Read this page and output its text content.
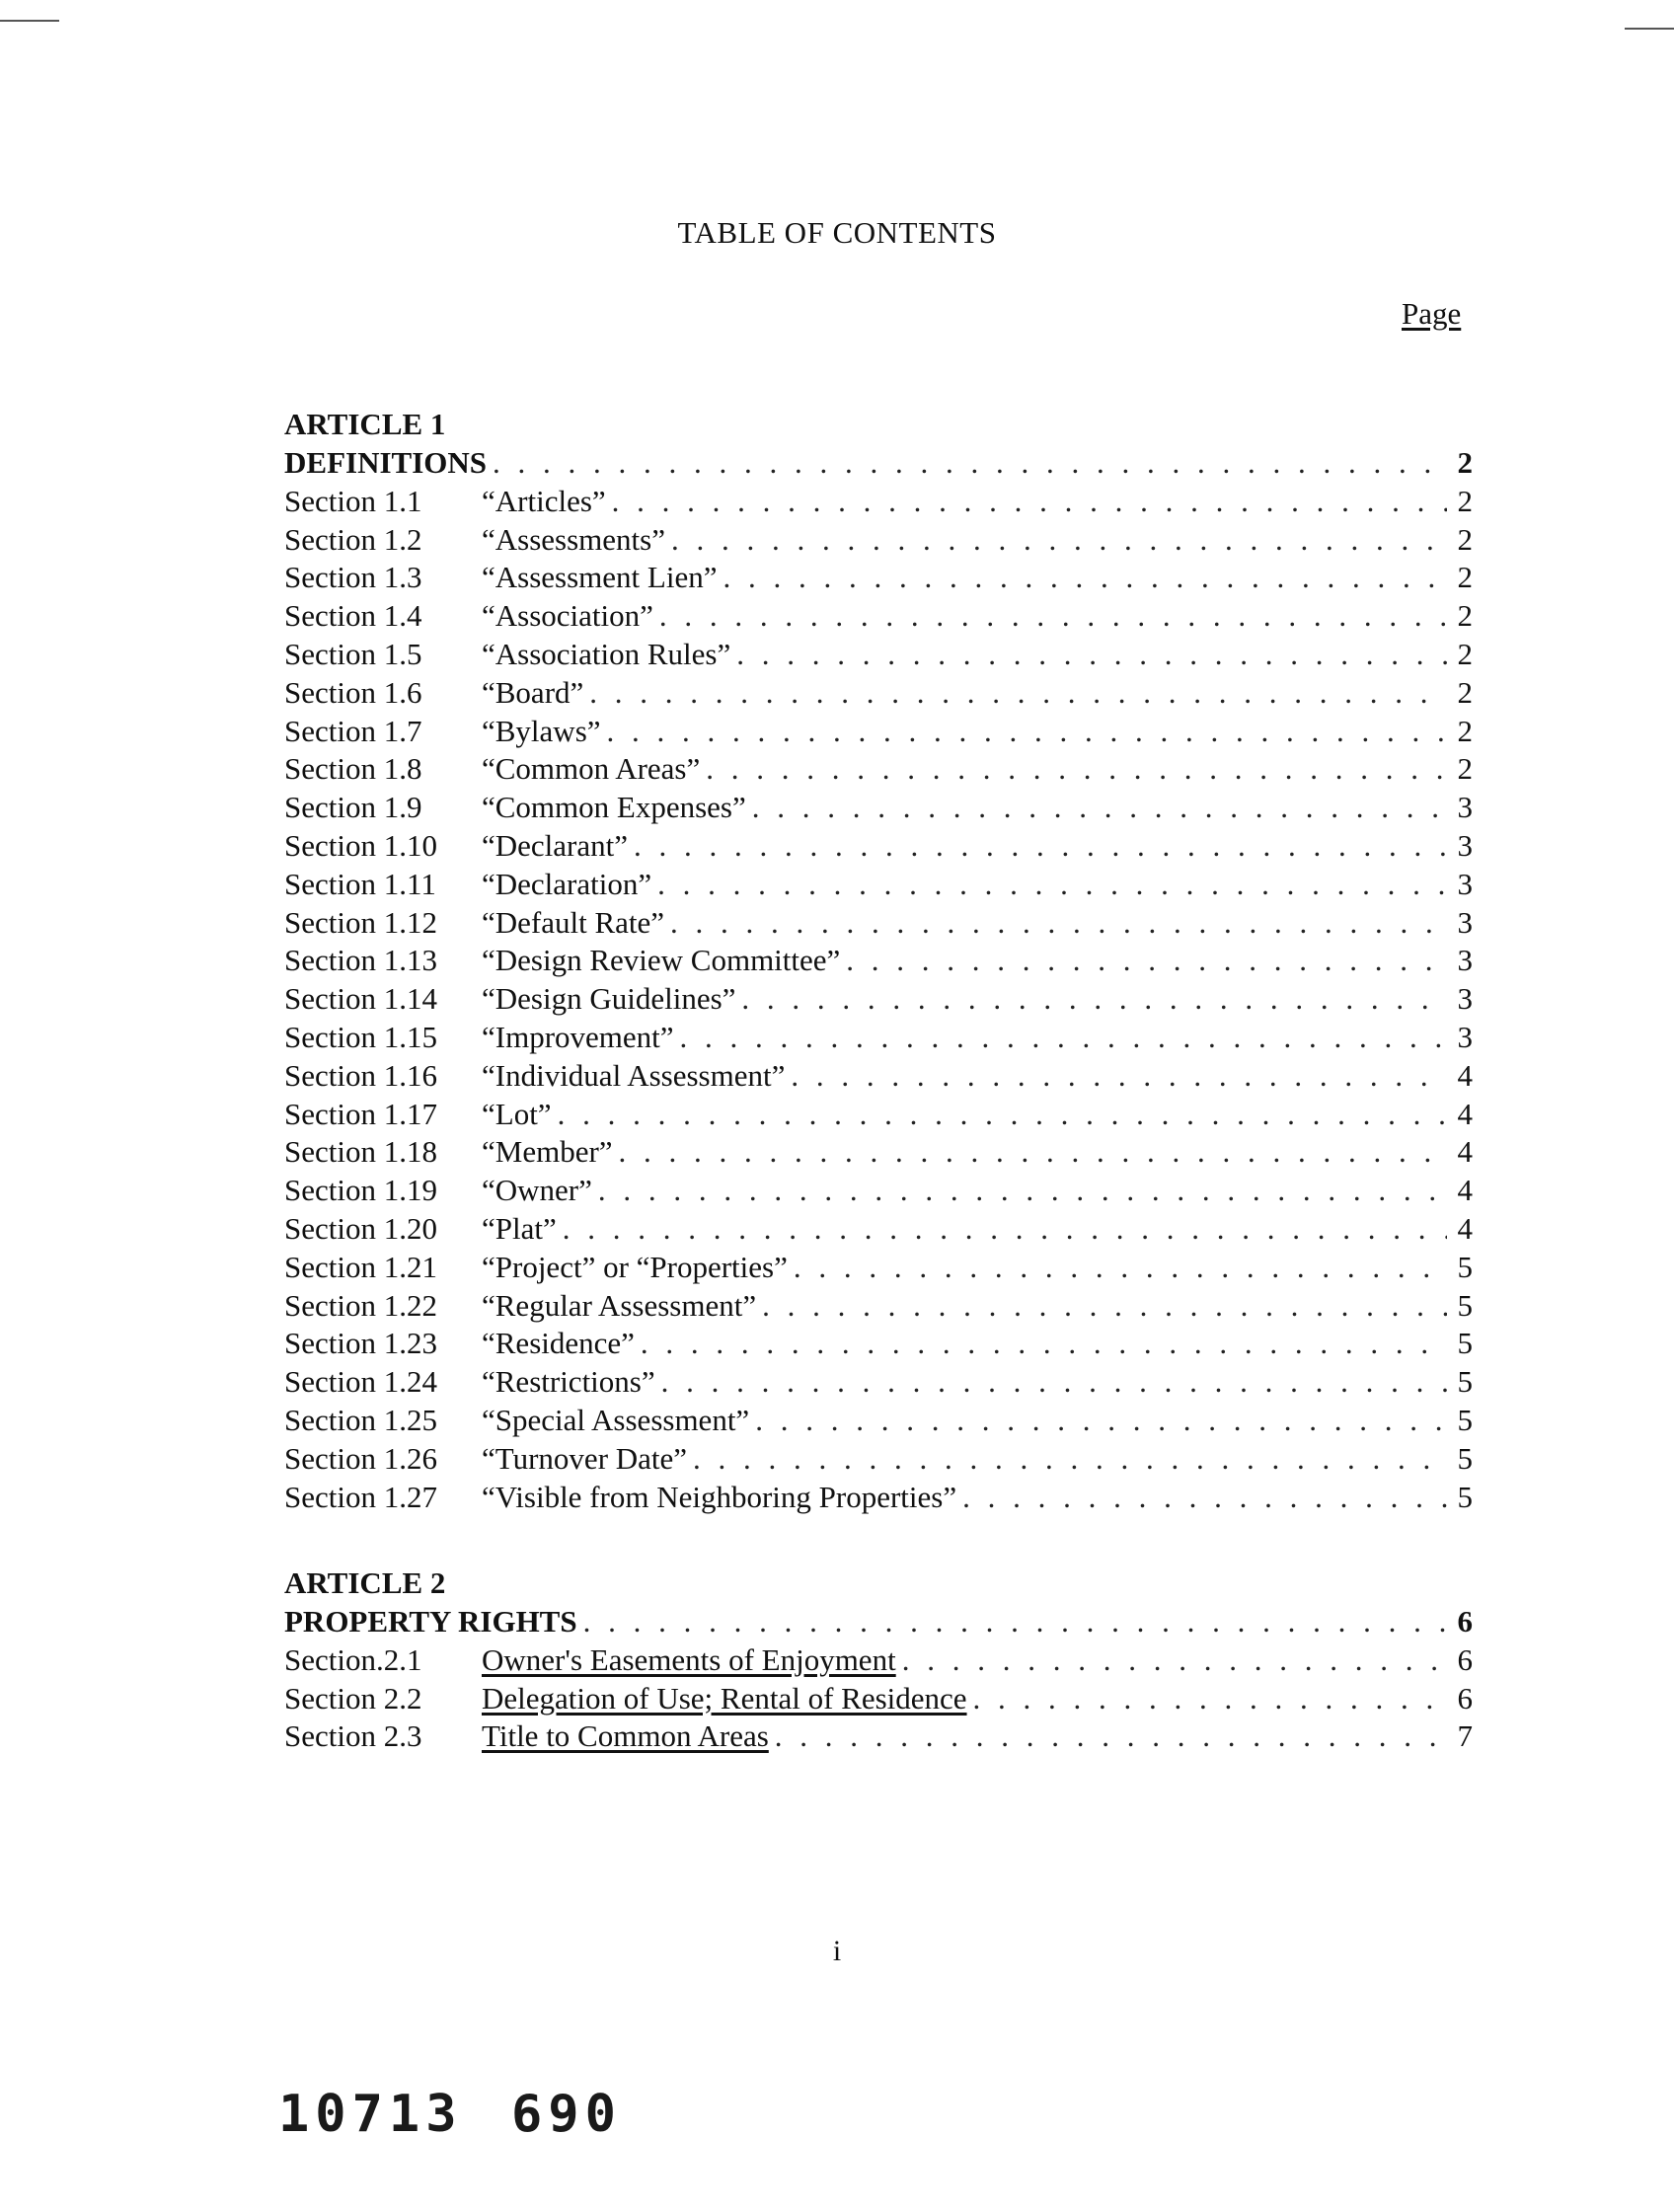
TABLE OF CONTENTS
Page
ARTICLE 1
DEFINITIONS . . .	2
Section 1.1	“Articles” . . .	2
Section 1.2	“Assessments” . . .	2
Section 1.3	“Assessment Lien” . . .	2
Section 1.4	“Association” . . .	2
Section 1.5	“Association Rules” . . .	2
Section 1.6	“Board” . . .	2
Section 1.7	“Bylaws” . . .	2
Section 1.8	“Common Areas” . . .	2
Section 1.9	“Common Expenses” . . .	3
Section 1.10	“Declarant” . . .	3
Section 1.11	“Declaration” . . .	3
Section 1.12	“Default Rate” . . .	3
Section 1.13	“Design Review Committee” . . .	3
Section 1.14	“Design Guidelines” . . .	3
Section 1.15	“Improvement” . . .	3
Section 1.16	“Individual Assessment” . . .	4
Section 1.17	“Lot” . . .	4
Section 1.18	“Member” . . .	4
Section 1.19	“Owner” . . .	4
Section 1.20	“Plat” . . .	4
Section 1.21	“Project” or “Properties” . . .	5
Section 1.22	“Regular Assessment” . . .	5
Section 1.23	“Residence” . . .	5
Section 1.24	“Restrictions” . . .	5
Section 1.25	“Special Assessment” . . .	5
Section 1.26	“Turnover Date” . . .	5
Section 1.27	“Visible from Neighboring Properties” . . .	5
ARTICLE 2
PROPERTY RIGHTS . . .	6
Section.2.1	Owner's Easements of Enjoyment . . .	6
Section 2.2	Delegation of Use; Rental of Residence . . .	6
Section 2.3	Title to Common Areas . . .	7
i
10713 690
